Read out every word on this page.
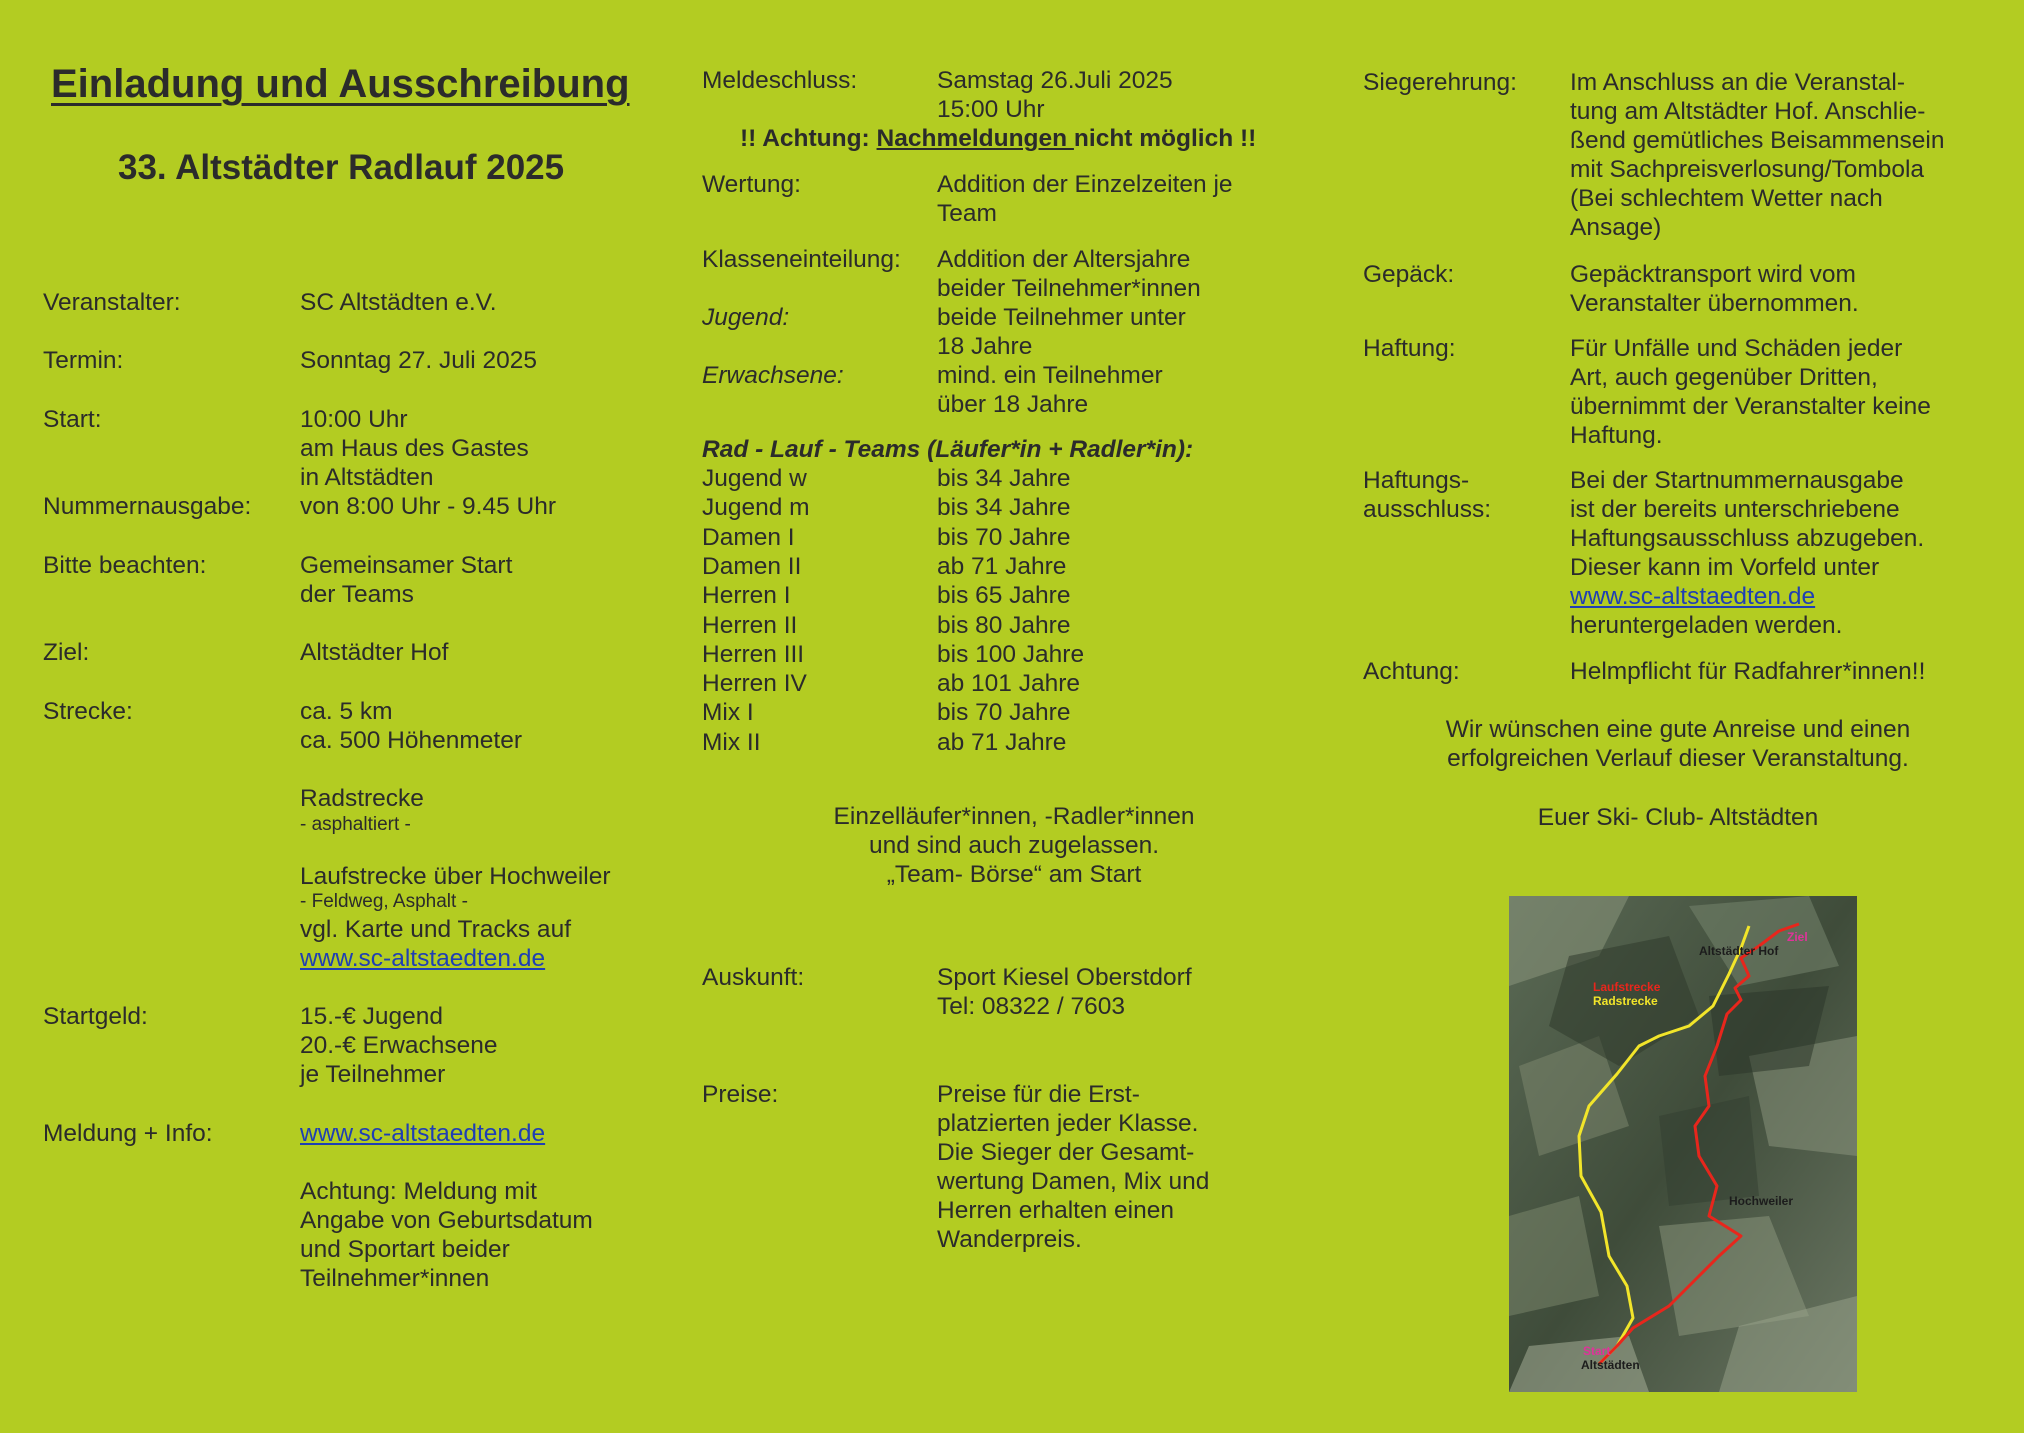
Einladung und Ausschreibung
33. Altstädter Radlauf 2025
Veranstalter:	SC Altstädten e.V.
Termin:	Sonntag 27. Juli 2025
Start:	10:00 Uhr
am Haus des Gastes
in Altstädten
Nummernausgabe: von 8:00 Uhr - 9.45 Uhr
Bitte beachten:	Gemeinsamer Start
der Teams
Ziel:	Altstädter Hof
Strecke:	ca. 5 km
ca. 500 Höhenmeter
Radstrecke
- asphaltiert -
Laufstrecke über Hochweiler
- Feldweg, Asphalt -
vgl. Karte und Tracks auf
www.sc-altstaedten.de
Startgeld:	15.-€ Jugend
20.-€ Erwachsene
je Teilnehmer
Meldung + Info:	www.sc-altstaedten.de
Achtung: Meldung mit
Angabe von Geburtsdatum
und Sportart beider
Teilnehmer*innen
Meldeschluss:	Samstag 26.Juli 2025
15:00 Uhr
!! Achtung: Nachmeldungen nicht möglich !!
Wertung:	Addition der Einzelzeiten je
Team
Klasseneinteilung: Addition der Altersjahre
beider Teilnehmer*innen
Jugend:	beide Teilnehmer unter
18 Jahre
Erwachsene:	mind. ein Teilnehmer
über 18 Jahre
Rad - Lauf - Teams (Läufer*in + Radler*in):
Jugend w	bis 34 Jahre
Jugend m	bis 34 Jahre
Damen I	bis 70 Jahre
Damen II	ab 71 Jahre
Herren I	bis 65 Jahre
Herren II	bis 80 Jahre
Herren III	bis 100 Jahre
Herren IV	ab 101 Jahre
Mix I	bis 70 Jahre
Mix II	ab 71 Jahre
Einzelläufer*innen, -Radler*innen
und sind auch zugelassen.
„Team- Börse“ am Start
Auskunft:	Sport Kiesel Oberstdorf
Tel: 08322 / 7603
Preise:	Preise für die Erst-
platzierten jeder Klasse.
Die Sieger der Gesamt-
wertung Damen, Mix und
Herren erhalten einen
Wanderpreis.
Siegerehrung: Im Anschluss an die Veranstal-
tung am Altstädter Hof. Anschlie-
ßend gemütliches Beisammensein
mit Sachpreisverlosung/Tombola
(Bei schlechtem Wetter nach
Ansage)
Gepäck:	Gepäcktransport wird vom
Veranstalter übernommen.
Haftung:	Für Unfälle und Schäden jeder
Art, auch gegenüber Dritten,
übernimmt der Veranstalter keine
Haftung.
Haftungs-
ausschluss:
Bei der Startnummernausgabe
ist der bereits unterschriebene
Haftungsausschluss abzugeben.
Dieser kann im Vorfeld unter
www.sc-altstaedten.de
heruntergeladen werden.
Achtung:	Helmpflicht für Radfahrer*innen!!
Wir wünschen eine gute Anreise und einen
erfolgreichen Verlauf dieser Veranstaltung.
Euer Ski- Club- Altstädten
Ziel
Altstädter Hof
Laufstrecke
Radstrecke
Hochweiler
Start
Altstädten
